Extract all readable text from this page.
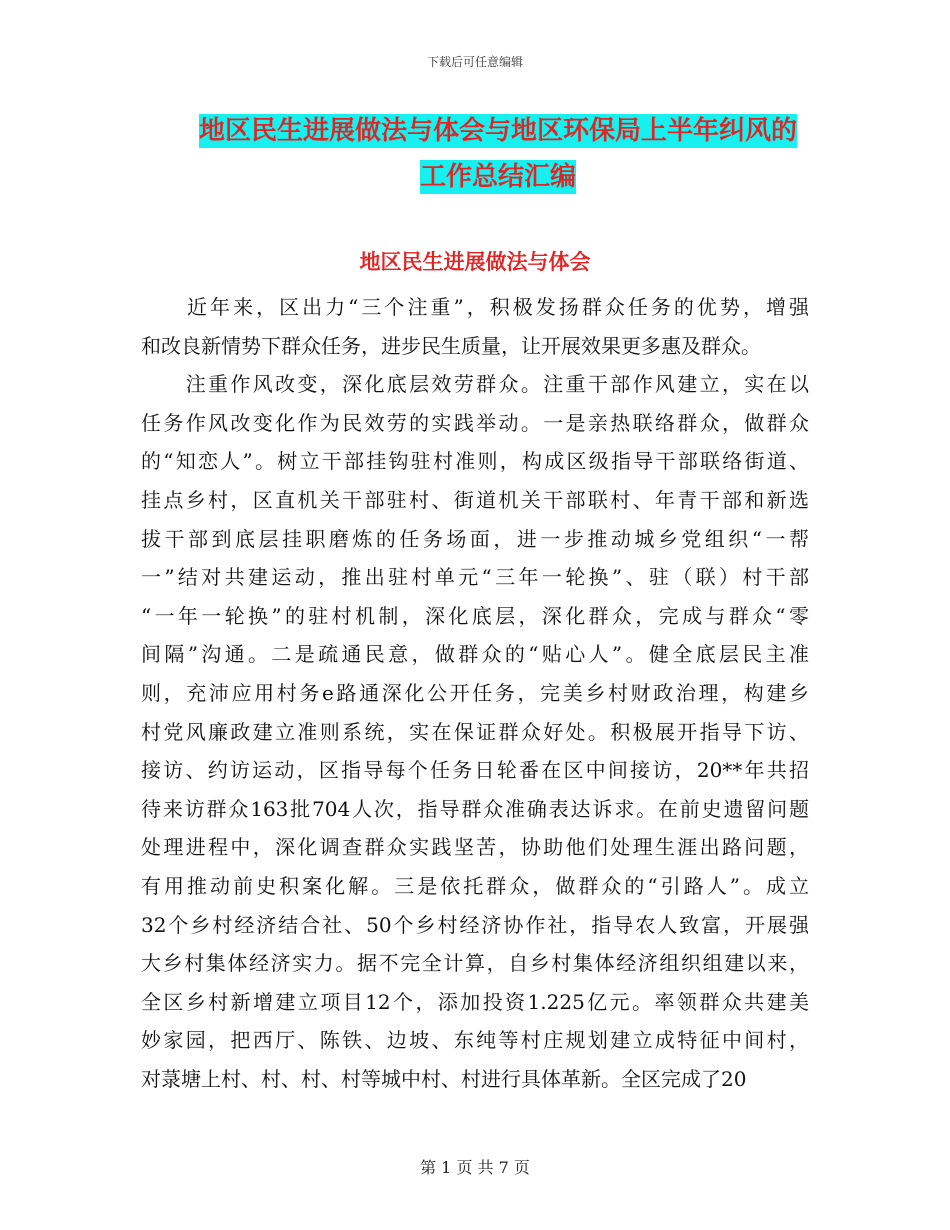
下载后可任意编辑
地区民生进展做法与体会与地区环保局上半年纠风的
工作总结汇编
地区民生进展做法与体会
　　近年来，区出力“三个注重”，积极发扬群众任务的优势，增强
和改良新情势下群众任务，进步民生质量，让开展效果更多惠及群众。
　　注重作风改变，深化底层效劳群众。注重干部作风建立，实在以
任务作风改变化作为民效劳的实践举动。一是亲热联络群众，做群众
的“知恋人”。树立干部挂钩驻村准则，构成区级指导干部联络街道、
挂点乡村，区直机关干部驻村、街道机关干部联村、年青干部和新选
拔干部到底层挂职磨炼的任务场面，进一步推动城乡党组织“一帮
一”结对共建运动，推出驻村单元“三年一轮换”、驻（联）村干部
“一年一轮换”的驻村机制，深化底层，深化群众，完成与群众“零
间隔”沟通。二是疏通民意，做群众的“贴心人”。健全底层民主准
则，充沛应用村务e路通深化公开任务，完美乡村财政治理，构建乡
村党风廉政建立准则系统，实在保证群众好处。积极展开指导下访、
接访、约访运动，区指导每个任务日轮番在区中间接访，20**年共招
待来访群众163批704人次，指导群众准确表达诉求。在前史遗留问题
处理进程中，深化调查群众实践坚苦，协助他们处理生涯出路问题，
有用推动前史积案化解。三是依托群众，做群众的“引路人”。成立
32个乡村经济结合社、50个乡村经济协作社，指导农人致富，开展强
大乡村集体经济实力。据不完全计算，自乡村集体经济组织组建以来，
全区乡村新增建立项目12个，添加投资1.225亿元。率领群众共建美
妙家园，把西厅、陈铁、边坡、东纯等村庄规划建立成特征中间村，
对菉塘上村、村、村、村等城中村、村进行具体革新。全区完成了20
第 1 页 共 7 页
